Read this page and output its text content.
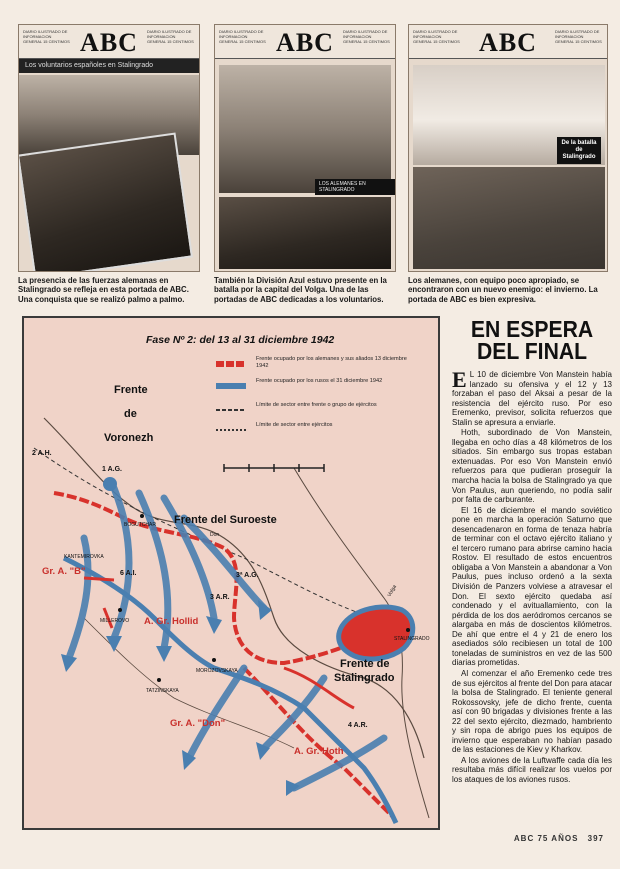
DIARIO ILUSTRADO DE INFORMACION GENERAL 15 CENTIMOS ABC DIARIO ILUSTRADO DE INFORMACION GENERAL 15 CENTIMOS
Los voluntarios españoles en Stalingrado
DIARIO ILUSTRADO DE INFORMACION GENERAL 15 CENTIMOS ABC DIARIO ILUSTRADO DE INFORMACION GENERAL 15 CENTIMOS
LOS ALEMANES EN STALINGRADO
DIARIO ILUSTRADO DE INFORMACION GENERAL 15 CENTIMOS ABC	DIARIO ILUSTRADO DE INFORMACION GENERAL 15 CENTIMOS
De la batalla de Stalingrado
La presencia de las fuerzas alemanas en Stalingrado se refleja en esta portada de ABC. Una conquista que se realizó palmo a palmo.
También la División Azul estuvo presente en la batalla por la capital del Volga. Una de las portadas de ABC dedicadas a los voluntarios.
Los alemanes, con equipo poco apropiado, se encontraron con un nuevo enemigo: el invierno. La portada de ABC es bien expresiva.
Fase Nº 2: del 13 al 31 diciembre 1942
Frente ocupado por los alemanes y sus aliados 13 diciembre 1942
Frente ocupado por los rusos el 31 diciembre 1942
Límite de sector entre frente o grupo de ejércitos
Límite de sector entre ejércitos
Frente
de
Voronezh
Frente del Suroeste
Frente de
Stalingrado
Gr. A. "B"
A. Gr. Hollid
Gr. A. "Don"
A. Gr. Hoth
2 A.H.
1 A.G.
6 A.I.
3 A.R.
3ª A.G.
4 A.R.
Don
Volga
STALINGRADO
MOROZOVSKAYA
TATZINSKAYA
MILLEROVO
BOGUTCHAR
KANTEMIROVKA
EN ESPERA
DEL FINAL

E L 10 de diciembre Von Manstein había lanzado su ofensiva y el 12 y 13 forzaban el paso del Aksai a pesar de la resistencia del ejército ruso. Por eso Eremenko, previsor, solicita refuerzos que Stalin se apresura a enviarle.

Hoth, subordinado de Von Manstein, llegaba en ocho días a 48 kilómetros de los sitiados. Sin embargo sus tropas estaban extenuadas. Por eso Von Manstein envió refuerzos para que pudieran proseguir la marcha hacia la bolsa de Stalingrado ya que Von Paulus, aun queriendo, no podía salir por falta de carburante.

El 16 de diciembre el mando soviético pone en marcha la operación Saturno que desencadenaron en forma de tenaza habría de terminar con el octavo ejército italiano y el tercero rumano para abrirse camino hacia Rostov. El resultado de estos encuentros obligaba a Von Manstein a abandonar a Von Paulus, pues incluso ordenó a la sexta División de Panzers volviese a atravesar el Don. El sexto ejército quedaba así condenado y el avituallamiento, con la pérdida de los dos aeródromos cercanos se alargaba en más de doscientos kilómetros. De ahí que entre el 4 y 21 de enero los asediados sólo recibiesen un total de 100 toneladas de suministros en vez de las 500 diarias prometidas.

Al comenzar el año Eremenko cede tres de sus ejércitos al frente del Don para atacar la bolsa de Stalingrado. El teniente general Rokossovsky, jefe de dicho frente, cuenta así con 90 brigadas y divisiones frente a las 22 del sexto ejército, diezmado, hambriento y sin ropa de abrigo pues los equipos de invierno que esperaban no habían pasado de las estaciones de Kiev y Kharkov.

A los aviones de la Luftwaffe cada día les resultaba más difícil realizar los vuelos por los ataques de los aviones rusos.

ABC 75 AÑOS 397
